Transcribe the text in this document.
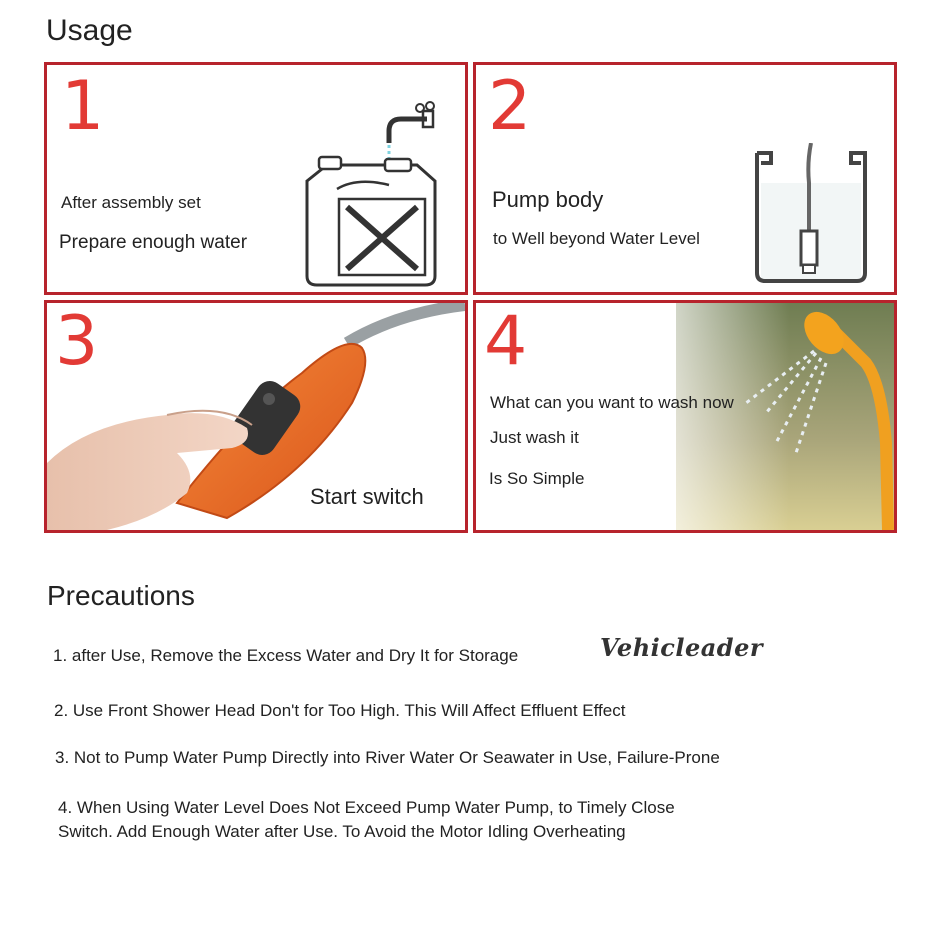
Usage
1
After assembly set
Prepare enough water
2
Pump body
to Well beyond Water Level
3
Start switch
4
What can you want to wash now
Just wash it
Is So Simple
Precautions
1. after Use, Remove the Excess Water and Dry It for Storage	Vehicleader
2. Use Front Shower Head Don't for Too High. This Will Affect Effluent Effect
3. Not to Pump Water Pump Directly into River Water Or Seawater in Use, Failure-Prone
4. When Using Water Level Does Not Exceed Pump Water Pump, to Timely Close
Switch. Add Enough Water after Use. To Avoid the Motor Idling Overheating
